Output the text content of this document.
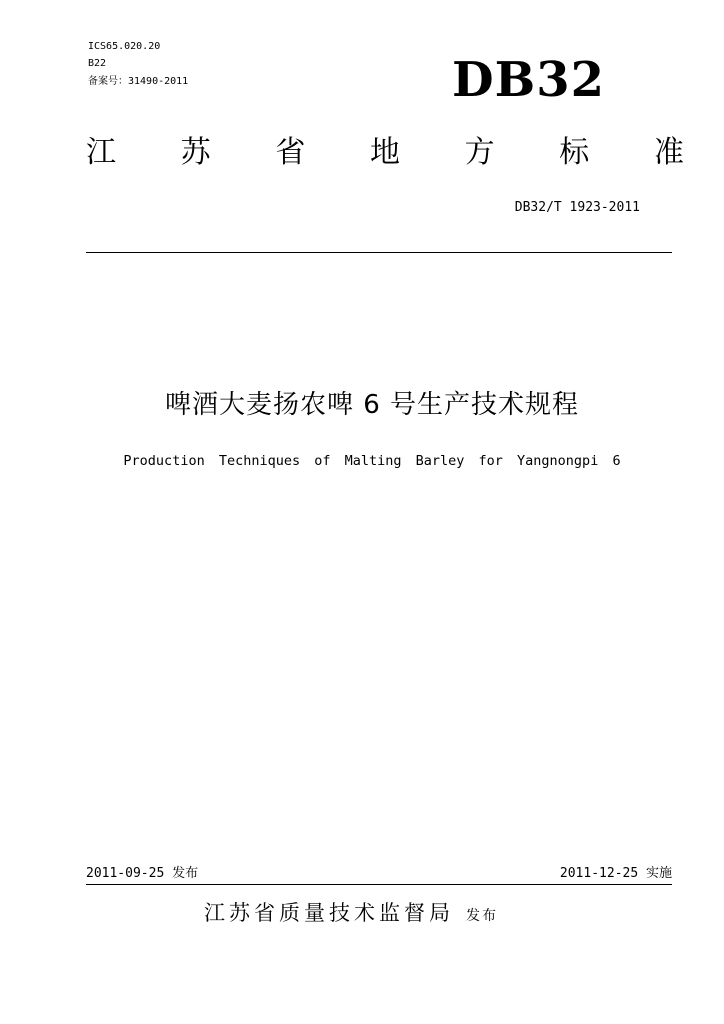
ICS65.020.20
B22
备案号：31490-2011	DB32
江 苏 省 地 方 标 准
DB32/T 1923-2011
啤酒大麦扬农啤 6 号生产技术规程
Production Techniques of Malting Barley for Yangnongpi 6
2011-09-25 发布	2011-12-25 实施
江苏省质量技术监督局 发布
